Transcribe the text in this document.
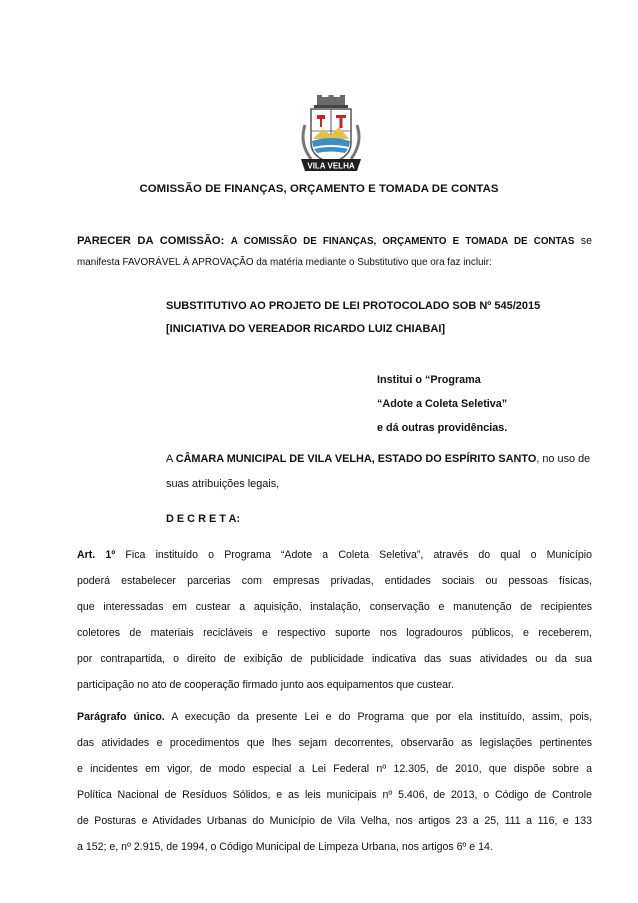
VILA VELHA
COMISSÃO DE FINANÇAS, ORÇAMENTO E TOMADA DE CONTAS
PARECER DA COMISSÃO: A COMISSÃO DE FINANÇAS, ORÇAMENTO E TOMADA DE CONTAS se
manifesta FAVORÁVEL À APROVAÇÃO da matéria mediante o Substitutivo que ora faz incluir:
SUBSTITUTIVO AO PROJETO DE LEI PROTOCOLADO SOB Nº 545/2015
[INICIATIVA DO VEREADOR RICARDO LUIZ CHIABAI]
Institui o “Programa
“Adote a Coleta Seletiva”
e dá outras providências.
A CÂMARA MUNICIPAL DE VILA VELHA, ESTADO DO ESPÍRITO SANTO, no uso de
suas atribuições legais,
D E C R E T A:
Art. 1º Fica instituído o Programa “Adote a Coleta Seletiva”, através do qual o Município
poderá estabelecer parcerias com empresas privadas, entidades sociais ou pessoas físicas,
que interessadas em custear a aquisição, instalação, conservação e manutenção de recipientes
coletores de materiais recicláveis e respectivo suporte nos logradouros públicos, e receberem,
por contrapartida, o direito de exibição de publicidade indicativa das suas atividades ou da sua
participação no ato de cooperação firmado junto aos equipamentos que custear.
Parágrafo único. A execução da presente Lei e do Programa que por ela instituído, assim, pois,
das atividades e procedimentos que lhes sejam decorrentes, observarão as legislações pertinentes
e incidentes em vigor, de modo especial a Lei Federal nº 12.305, de 2010, que dispõe sobre a
Política Nacional de Resíduos Sólidos, e as leis municipais nº 5.406, de 2013, o Código de Controle
de Posturas e Atividades Urbanas do Município de Vila Velha, nos artigos 23 a 25, 111 a 116, e 133
a 152; e, nº 2.915, de 1994, o Código Municipal de Limpeza Urbana, nos artigos 6º e 14.
